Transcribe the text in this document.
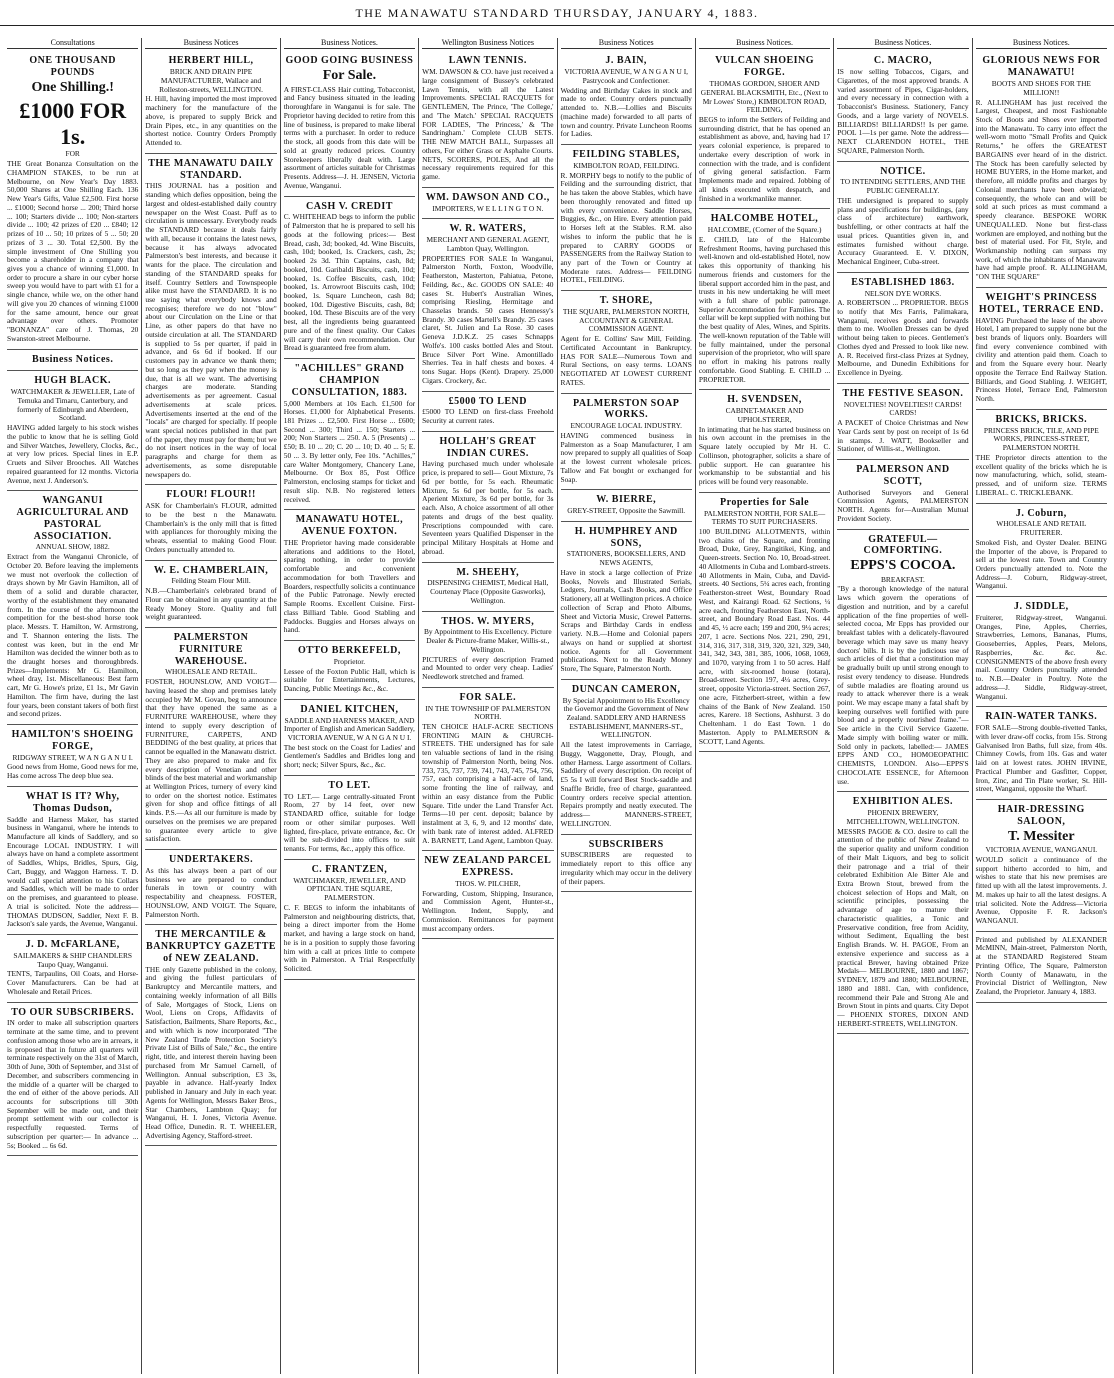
THE MANAWATU STANDARD THURSDAY, JANUARY 4, 1883.
Consultations
ONE THOUSAND POUNDS
One Shilling.!
£1000 FOR 1s.
FOR
THE Great Bonanza Consultation on the CHAMPION STAKES, to be run at Melbourne, on New Year's Day 1883. 50,000 Shares at One Shilling Each. 136 New Year's Gifts, Value £2,500. First horse ... £1000; Second horse ... 200; Third horse ... 100; Starters divide ... 100; Non-starters divide ... 100; 42 prizes of £20 ... £840; 12 prizes of 10 ... 50; 10 prizes of 5 ... 50; 20 prizes of 3 ... 30. Total £2,500. By the simple investment of One Shilling you become a shareholder in a company that gives you a chance of winning £1,000. In order to procure a share in our cyber horse sweep you would have to part with £1 for a single chance, while we, on the other hand will give you 20 chances of winning £1000 for the same amount, hence our great advantage over others. Promoter "BONANZA" care of J. Thomas, 20 Swanston-street Melbourne.
Business Notices.
HUGH BLACK.
WATCHMAKER & JEWELLER, Late of Temuka and Timaru, Canterbury, and formerly of Edinburgh and Aberdeen, Scotland.
HAVING added largely to his stock wishes the public to know that he is selling Gold and Silver Watches, Jewellery, Clocks, &c., at very low prices. Special lines in E.P. Cruets and Silver Brooches. All Watches repaired guaranteed for 12 months. Victoria Avenue, next J. Anderson's.
WANGANUI AGRICULTURAL AND PASTORAL ASSOCIATION.
ANNUAL SHOW, 1882.
Extract from the Wanganui Chronicle, of October 20. Before leaving the implements we must not overlook the collection of drays shown by Mr Gavin Hamilton, all of them of a solid and durable character, worthy of the establishment they emanated from. In the course of the afternoon the competition for the best-shod horse took place. Messrs. T. Hamilton, W. Armstrong, and T. Shannon entering the lists. The contest was keen, but in the end Mr Hamilton was decided the winner both as to the draught horses and thoroughbreds. Prizes—Implements: Mr G. Hamilton, wheel dray, 1st. Miscellaneous: Best farm cart, Mr G. Howe's prize, £1 1s., Mr Gavin Hamilton. The firm have, during the last four years, been constant takers of both first and second prizes.
HAMILTON'S SHOEING FORGE,
RIDGWAY STREET, W A N G A N U I.
Good news from Home, Good news for me, Has come across The deep blue sea.
WHAT IS IT? Why, Thomas Dudson,
Saddle and Harness Maker, has started business in Wanganui, where he intends to Manufacture all kinds of Saddlery, and so Encourage LOCAL INDUSTRY. I will always have on hand a complete assortment of Saddles, Whips, Bridles, Spurs, Gig, Cart, Buggy, and Waggon Harness. T. D. would call special attention to his Collars and Saddles, which will be made to order on the premises, and guaranteed to please. A trial is solicited. Note the address— THOMAS DUDSON, Saddler, Next F. B. Jackson's sale yards, the Avenue, Wanganui.
J. D. McFARLANE,
SAILMAKERS & SHIP CHANDLERS Taupo Quay, Wanganui.
TENTS, Tarpaulins, Oil Coats, and Horse-Cover Manufacturers. Can be had at Wholesale and Retail Prices.
TO OUR SUBSCRIBERS.
IN order to make all subscription quarters terminate at the same time, and to prevent confusion among those who are in arrears, it is proposed that in future all quarters will terminate respectively on the 31st of March, 30th of June, 30th of September, and 31st of December, and subscribers commencing in the middle of a quarter will be charged to the end of either of the above periods. All accounts for subscriptions till 30th September will be made out, and their prompt settlement with our collector is respectfully requested. Terms of subscription per quarter:— In advance ... 5s; Booked ... 6s 6d.
Business Notices
HERBERT HILL,
BRICK AND DRAIN PIPE MANUFACTURER, Wallace and Rolleston-streets, WELLINGTON.
H. Hill, having imported the most improved machinery for the manufacture of the above, is prepared to supply Brick and Drain Pipes, etc., in any quantities on the shortest notice. Country Orders Promptly Attended to.
THE MANAWATU DAILY STANDARD.
THIS JOURNAL has a position and standing which defies opposition, being the largest and oldest-established daily country newspaper on the West Coast. Puff as to circulation is unnecessary. Everybody reads the STANDARD because it deals fairly with all, because it contains the latest news, because it has always advocated Palmerston's best interests, and because it wants for the place. The circulation and standing of the STANDARD speaks for itself. Country Settlers and Townspeople alike must have the STANDARD. It is no use saying what everybody knows and recognises; therefore we do not "blow" about our Circulation on the Line or that Line, as other papers do that have no outside circulation at all. The STANDARD is supplied to 5s per quarter, if paid in advance, and 6s 6d if booked. If our customers pay in advance we thank them; but so long as they pay when the money is due, that is all we want. The advertising charges are moderate. Standing advertisements as per agreement. Casual advertisements at scale prices. Advertisements inserted at the end of the "locals" are charged for specially. If people want special notices published in that part of the paper, they must pay for them; but we do not insert notices in the way of local paragraphs and charge for them as advertisements, as some disreputable newspapers do.
FLOUR! FLOUR!!
ASK for Chamberlain's FLOUR, admitted to be the best n the Manawatu. Chamberlain's is the only mill that is fitted with appliances for thoroughly mixing the wheats, essential to making Good Flour. Orders punctually attended to.
W. E. CHAMBERLAIN,
Feilding Steam Flour Mill.
N.B.—Chamberlain's celebrated brand of Flour can be obtained in any quantity at the Ready Money Store. Quality and full weight guaranteed.
PALMERSTON FURNITURE WAREHOUSE.
WHOLESALE AND RETAIL.
FOSTER, HOUNSLOW, AND VOIGT—having leased the shop and premises lately occupied by Mr M. Govan, beg to announce that they have opened the same as a FURNITURE WAREHOUSE, where they intend to supply every description of FURNITURE, CARPETS, AND BEDDING of the best quality, at prices that cannot be equalled in the Manawatu district. They are also prepared to make and fix every description of Venetian and other blinds of the best material and workmanship at Wellington Prices, turnery of every kind to order on the shortest notice. Estimates given for shop and office fittings of all kinds. P.S.—As all our furniture is made by ourselves on the premises we are prepared to guarantee every article to give satisfaction.
UNDERTAKERS.
As this has always been a part of our business we are prepared to conduct funerals in town or country with respectability and cheapness. FOSTER, HOUNSLOW, AND VOIGT. The Square, Palmerston North.
THE MERCANTILE & BANKRUPTCY GAZETTE of NEW ZEALAND.
THE only Gazette published in the colony, and giving the fullest particulars of Bankruptcy and Mercantile matters, and containing weekly information of all Bills of Sale, Mortgages of Stock, Liens on Wool, Liens on Crops, Affidavits of Satisfaction, Bailments, Share Reports, &c., and with which is now incorporated "The New Zealand Trade Protection Society's Private List of Bills of Sale," &c., the entire right, title, and interest therein having been purchased from Mr Samuel Carnell, of Wellington. Annual subscription, £3 3s, payable in advance. Half-yearly Index published in January and July in each year. Agents for Wellington, Messrs Baker Bros., Star Chambers, Lambton Quay; for Wanganui, H. I. Jones, Victoria Avenue. Head Office, Dunedin. R. T. WHEELER, Advertising Agency, Stafford-street.
Business Notices.
GOOD GOING BUSINESS
For Sale.
A FIRST-CLASS Hair cutting, Tobacconist, and Fancy business situated in the leading thoroughfare in Wanganui is for sale. The Proprietor having decided to retire from this line of business, is prepared to make liberal terms with a purchaser. In order to reduce the stock, all goods from this date will be sold at greatly reduced prices. Country Storekeepers liberally dealt with. Large assortment of articles suitable for Christmas Presents. Address—J. H. JENSEN, Victoria Avenue, Wanganui.
CASH V. CREDIT
C. WHITEHEAD begs to inform the public of Palmerston that he is prepared to sell his goods at the following prices:— Best Bread, cash, 3d; booked, 4d. Wine Biscuits, cash, 10d; booked, 1s. Crackers, cash, 2s; booked 2s 3d. Thin Captains, cash, 8d; booked, 10d. Garibaldi Biscuits, cash, 10d; booked, 1s. Coffee Biscuits, cash, 10d; booked, 1s. Arrowroot Biscuits cash, 10d; booked, 1s. Square Luncheon, cash 8d; booked, 10d. Digestive Biscuits, cash, 8d; booked, 10d. These Biscuits are of the very best, all the ingredients being guaranteed pure and of the finest quality. Our Cakes will carry their own recommendation. Our Bread is guaranteed free from alum.
"ACHILLES" GRAND CHAMPION CONSULTATION, 1883.
5,000 Members at 10s Each. £1,500 for Horses. £1,000 for Alphabetical Presents. 181 Prizes ... £2,500. First Horse ... £600; Second ... 300; Third ... 150; Starters ... 200; Non Starters ... 250. A. 5 (Presents) ... £50; B. 10 ... 20; C. 20 ... 10; D. 40 ... 5; E. 50 ... 3. By letter only, Fee 10s. "Achilles," care Walter Montgomery, Chancery Lane, Melbourne. Or Box 85, Post Office Palmerston, enclosing stamps for ticket and result slip. N.B. No registered letters received.
MANAWATU HOTEL, AVENUE FOXTON.
THE Proprietor having made considerable alterations and additions to the Hotel, sparing nothing, in order to provide comfortable and convenient accommodation for both Travellers and Boarders, respectfully solicits a continuance of the Public Patronage. Newly erected Sample Rooms. Excellent Cuisine. First-class Billiard Table. Good Stabling and Paddocks. Buggies and Horses always on hand.
OTTO BERKEFELD,
Proprietor.
Lessee of the Foxton Public Hall, which is suitable for Entertainments, Lectures, Dancing, Public Meetings &c., &c.
DANIEL KITCHEN,
SADDLE AND HARNESS MAKER, AND Importer of English and American Saddlery, VICTORIA AVENUE, W A N G A N U I.
The best stock on the Coast for Ladies' and Gentlemen's Saddles and Bridles long and short; neck; Silver Spurs, &c., &c.
TO LET.
TO LET.— Large centrally-situated Front Room, 27 by 14 feet, over new STANDARD office, suitable for lodge room or other similar purposes. Well lighted, fire-place, private entrance, &c. Or will be sub-divided into offices to suit tenants. For terms, &c., apply this office.
C. FRANTZEN,
WATCHMAKER, JEWELLER, AND OPTICIAN. THE SQUARE, PALMERSTON.
C. F. BEGS to inform the inhabitants of Palmerston and neighbouring districts, that, being a direct importer from the Home market, and having a large stock on hand, he is in a position to supply those favoring him with a call at prices little to compete with in Palmerston. A Trial Respectfully Solicited.
Wellington Business Notices
LAWN TENNIS.
WM. DAWSON & CO. have just received a large consignment of Bussey's celebrated Lawn Tennis, with all the Latest Improvements. SPECIAL RACQUETS for GENTLEMEN, The Prince, 'The College,' and 'The Match.' SPECIAL RACQUETS FOR LADIES, 'The Princess,' & 'The Sandringham.' Complete CLUB SETS. THE NEW MATCH BALL, Surpasses all others, For either Grass or Asphalte Courts. NETS, SCORERS, POLES, And all the necessary requirements required for this game.
WM. DAWSON AND CO.,
IMPORTERS, W E L L I N G T O N.
W. R. WATERS,
MERCHANT AND GENERAL AGENT, Lambton Quay, Wellington.
PROPERTIES FOR SALE In Wanganui, Palmerston North, Foxton, Woodville, Featherston, Masterton, Pahiatua, Petone, Feilding, &c., &c. GOODS ON SALE: 40 cases St. Hubert's Australian Wines, comprising Riesling, Hermitage and Chasselas brands. 50 cases Hennessy's Brandy. 30 cases Martell's Brandy. 25 cases claret, St. Julien and La Rose. 30 cases Geneva J.D.K.Z. 25 cases Schnapps Wolfe's. 100 casks bottled Ales and Stout. Bruce Silver Port Wine. Amontillado Sherries. Tea in half chests and boxes. 4 tons Sugar. Hops (Kent). Drapery. 25,000 Cigars. Crockery, &c.
£5000 TO LEND
£5000 TO LEND on first-class Freehold Security at current rates.
HOLLAH'S GREAT INDIAN CURES.
Having purchased much under wholesale price, is prepared to sell— Gout Mixture, 7s 6d per bottle, for 5s each. Rheumatic Mixture, 5s 6d per bottle, for 5s each. Aperient Mixture, 3s 6d per bottle, for 3s each. Also, A choice assortment of all other patents and drugs of the best quality. Prescriptions compounded with care. Seventeen years Qualified Dispenser in the principal Military Hospitals at Home and abroad.
M. SHEEHY,
DISPENSING CHEMIST, Medical Hall, Courtenay Place (Opposite Gasworks), Wellington.
THOS. W. MYERS,
By Appointment to His Excellency. Picture Dealer & Picture-frame Maker, Willis-st., Wellington.
PICTURES of every description Framed and Mounted to order very cheap. Ladies' Needlework stretched and framed.
FOR SALE.
IN THE TOWNSHIP OF PALMERSTON NORTH.
TEN CHOICE HALF-ACRE SECTIONS FRONTING MAIN & CHURCH-STREETS. THE undersigned has for sale ten valuable sections of land in the rising township of Palmerston North, being Nos. 733, 735, 737, 739, 741, 743, 745, 754, 756, 757, each comprising a half-acre of land, some fronting the line of railway, and within an easy distance from the Public Square. Title under the Land Transfer Act. Terms—10 per cent. deposit; balance by instalment at 3, 6, 9, and 12 months' date, with bank rate of interest added. ALFRED A. BARNETT, Land Agent, Lambton Quay.
NEW ZEALAND PARCEL EXPRESS.
THOS. W. PILCHER,
Forwarding, Custom, Shipping, Insurance, and Commission Agent, Hunter-st., Wellington. Indent, Supply, and Commission. Remittances for payment must accompany orders.
Business Notices
J. BAIN,
VICTORIA AVENUE, W A N G A N U I, Pastrycook and Confectioner.
Wedding and Birthday Cakes in stock and made to order. Country orders punctually attended to. N.B.—Lollies and Biscuits (machine made) forwarded to all parts of town and country. Private Luncheon Rooms for Ladies.
FEILDING STABLES,
KIMBOLTON ROAD, FEILDING.
R. MORPHY begs to notify to the public of Feilding and the surrounding district, that he has taken the above Stables, which have been thoroughly renovated and fitted up with every convenience. Saddle Horses, Buggies, &c., on Hire. Every attention paid to Horses left at the Stables. R.M. also wishes to inform the public that he is prepared to CARRY GOODS or PASSENGERS from the Railway Station to any part of the Town or Country at Moderate rates. Address— FEILDING HOTEL, FEILDING.
T. SHORE,
THE SQUARE, PALMERSTON NORTH, ACCOUNTANT & GENERAL COMMISSION AGENT.
Agent for E. Collins' Saw Mill, Feilding. Certificated Accountant in Bankruptcy. HAS FOR SALE—Numerous Town and Rural Sections, on easy terms. LOANS NEGOTIATED AT LOWEST CURRENT RATES.
PALMERSTON SOAP WORKS.
ENCOURAGE LOCAL INDUSTRY.
HAVING commenced business in Palmerston as a Soap Manufacturer, I am now prepared to supply all qualities of Soap at the lowest current wholesale prices. Tallow and Fat bought or exchanged for Soap.
W. BIERRE,
GREY-STREET, Opposite the Sawmill.
H. HUMPHREY AND SONS,
STATIONERS, BOOKSELLERS, AND NEWS AGENTS,
Have in stock a large collection of Prize Books, Novels and Illustrated Serials, Ledgers, Journals, Cash Books, and Office Stationery, all at Wellington prices. A choice collection of Scrap and Photo Albums, Sheet and Victoria Music, Crewel Patterns. Scraps and Birthday Cards in endless variety. N.B.—Home and Colonial papers always on hand or supplied at shortest notice. Agents for all Government publications. Next to the Ready Money Store, The Square, Palmerston North.
DUNCAN CAMERON,
By Special Appointment to His Excellency the Governor and the Government of New Zealand. SADDLERY AND HARNESS ESTABLISHMENT, MANNERS-ST., WELLINGTON.
All the latest improvements in Carriage, Buggy, Waggonette, Dray, Plough, and other Harness. Large assortment of Collars. Saddlery of every description. On receipt of £5 5s I will forward Best Stock-saddle and Snaffle Bridle, free of charge, guaranteed. Country orders receive special attention. Repairs promptly and neatly executed. The address— MANNERS-STREET, WELLINGTON.
SUBSCRIBERS
SUBSCRIBERS are requested to immediately report to this office any irregularity which may occur in the delivery of their papers.
Business Notices.
VULCAN SHOEING FORGE.
THOMAS GORDON, SHOER AND GENERAL BLACKSMITH, Etc., (Next to Mr Lowes' Store,) KIMBOLTON ROAD, FEILDING,
BEGS to inform the Settlers of Feilding and surrounding district, that he has opened an establishment as above, and, having had 17 years colonial experience, is prepared to undertake every description of work in connection with the trade, and is confident of giving general satisfaction. Farm Implements made and repaired. Jobbing of all kinds executed with despatch, and finished in a workmanlike manner.
HALCOMBE HOTEL,
HALCOMBE, (Corner of the Square.)
E. CHILD, late of the Halcombe Refreshment Rooms, having purchased this well-known and old-established Hotel, now takes this opportunity of thanking his numerous friends and customers for the liberal support accorded him in the past, and trusts in his new undertaking he will meet with a full share of public patronage. Superior Accommodation for Families. The cellar will be kept supplied with nothing but the best quality of Ales, Wines, and Spirits. The well-known reputation of the Table will be fully maintained, under the personal supervision of the proprietor, who will spare no effort in making his patrons really comfortable. Good Stabling. E. CHILD ... PROPRIETOR.
H. SVENDSEN,
CABINET-MAKER AND UPHOLSTERER,
In intimating that he has started business on his own account in the premises in the Square lately occupied by Mr H. C. Collinson, photographer, solicits a share of public support. He can guarantee his workmanship to be substantial and his prices will be found very reasonable.
Properties for Sale
PALMERSTON NORTH, FOR SALE—TERMS TO SUIT PURCHASERS.
100 BUILDING ALLOTMENTS, within two chains of the Square, and fronting Broad, Duke, Grey, Rangitikei, King, and Queen-streets. Section No. 10, Broad-street. 40 Allotments in Cuba and Lombard-streets. 40 Allotments in Main, Cuba, and David-streets. 40 Sections, 5¼ acres each, fronting Featherston-street West, Boundary Road West, and Kairangi Road. 62 Sections, ¼ acre each, fronting Featherston East, North-street, and Boundary Road East. Nos. 44 and 45, ½ acre each; 199 and 200, 9¼ acres; 207, 1 acre. Sections Nos. 221, 290, 291, 314, 316, 317, 318, 319, 320, 321, 329, 340, 341, 342, 343, 381, 385, 1006, 1068, 1069, and 1070, varying from 1 to 50 acres. Half acre, with six-roomed house (totara), Broad-street. Section 197, 4¼ acres, Grey-street, opposite Victoria-street. Section 267, one acre, Fitzherbert-street, within a few chains of the Bank of New Zealand. 150 acres, Karere. 18 Sections, Ashhurst. 3 do Cheltenham. 1 do East Town. 1 do Masterton. Apply to PALMERSON & SCOTT, Land Agents.
Business Notices.
C. MACRO,
IS now selling Tobaccos, Cigars, and Cigarettes, of the most approved brands. A varied assortment of Pipes, Cigar-holders, and every necessary in connection with a Tobacconist's Business. Stationery, Fancy Goods, and a large variety of NOVELS. BILLIARDS! BILLIARDS!! Is per game. POOL 1—1s per game. Note the address— NEXT CLARENDON HOTEL, THE SQUARE, Palmerston North.
NOTICE.
TO INTENDING SETTLERS, AND THE PUBLIC GENERALLY.
THE undersigned is prepared to supply plans and specifications for buildings, (any class of architecture) earthwork, bushfelling, or other contracts at half the usual prices. Quantities given in, and estimates furnished without charge. Accuracy Guaranteed. E. V. DIXON, Mechanical Engineer, Cuba-street.
ESTABLISHED 1863.
NELSON DYE WORKS.
A. ROBERTSON ... PROPRIETOR. BEGS to notify that Mrs Farris, Palimakara, Wanganui, receives goods and forwards them to me. Woollen Dresses can be dyed without being taken to pieces. Gentlemen's Clothes dyed and Pressed to look like new. A. R. Received first-class Prizes at Sydney, Melbourne, and Dunedin Exhibitions for Excellence in Dyeing.
THE FESTIVE SEASON.
NOVELTIES! NOVELTIES!! CARDS! CARDS!
A PACKET of Choice Christmas and New Year Cards sent by post on receipt of 1s 6d in stamps. J. WATT, Bookseller and Stationer, of Willis-st., Wellington.
PALMERSON AND SCOTT,
Authorised Surveyors and General Commission Agents, PALMERSTON NORTH. Agents for—Australian Mutual Provident Society.
GRATEFUL—COMFORTING.
EPPS'S COCOA.
BREAKFAST.
"By a thorough knowledge of the natural laws which govern the operations of digestion and nutrition, and by a careful application of the fine properties of well-selected cocoa, Mr Epps has provided our breakfast tables with a delicately-flavoured beverage which may save us many heavy doctors' bills. It is by the judicious use of such articles of diet that a constitution may be gradually built up until strong enough to resist every tendency to disease. Hundreds of subtle maladies are floating around us ready to attack wherever there is a weak point. We may escape many a fatal shaft by keeping ourselves well fortified with pure blood and a properly nourished frame."—See article in the Civil Service Gazette. Made simply with boiling water or milk. Sold only in packets, labelled:— JAMES EPPS AND CO., HOMOEOPATHIC CHEMISTS, LONDON. Also—EPPS'S CHOCOLATE ESSENCE, for Afternoon use.
EXHIBITION ALES.
PHOENIX BREWERY, MITCHELLTOWN, WELLINGTON.
MESSRS PAGOE & CO. desire to call the attention of the public of New Zealand to the superior quality and uniform condition of their Malt Liquors, and beg to solicit their patronage and a trial of their celebrated Exhibition Ale Bitter Ale and Extra Brown Stout, brewed from the choicest selection of Hops and Malt, on scientific principles, possessing the advantage of age to mature their characteristic qualities, a Tonic and Preservative condition, free from Acidity, without Sediment, Equalling the best English Brands. W. H. PAGOE, From an extensive experience and success as a practical Brewer, having obtained Prize Medals— MELBOURNE, 1880 and 1867; SYDNEY, 1879 and 1880; MELBOURNE, 1880 and 1881. Can, with confidence, recommend their Pale and Strong Ale and Brown Stout in pints and quarts. City Depot— PHOENIX STORES, DIXON AND HERBERT-STREETS, WELLINGTON.
Business Notices.
GLORIOUS NEWS FOR MANAWATU!
BOOTS AND SHOES FOR THE MILLION!!
R. ALLINGHAM has just received the Largest, Cheapest, and most Fashionable Stock of Boots and Shoes ever imported into the Manawatu. To carry into effect the well-worn motto "Small Profits and Quick Returns," he offers the GREATEST BARGAINS ever heard of in the district. The Stock has been carefully selected by HOME BUYERS, in the Home market, and therefore, all middle profits and charges by Colonial merchants have been obviated; consequently, the whole can and will be sold at such prices as must command a speedy clearance. BESPOKE WORK UNEQUALLED. None but first-class workmen are employed, and nothing but the best of material used. For Fit, Style, and Workmanship nothing can surpass my work, of which the inhabitants of Manawatu have had ample proof. R. ALLINGHAM, "ON THE SQUARE"
WEIGHT'S PRINCESS HOTEL, TERRACE END.
HAVING Purchased the lease of the above Hotel, I am prepared to supply none but the best brands of liquors only. Boarders will find every convenience combined with civility and attention paid them. Coach to and from the Square every hour. Nearly opposite the Terrace End Railway Station. Billiards, and Good Stabling. J. WEIGHT, Princess Hotel, Terrace End, Palmerston North.
BRICKS, BRICKS.
PRINCESS BRICK, TILE, AND PIPE WORKS, PRINCESS-STREET, PALMERSTON NORTH.
THE Proprietor directs attention to the excellent quality of the bricks which he is now manufacturing, which, solid, steam-pressed, and of uniform size. TERMS LIBERAL. C. TRICKLEBANK.
J. Coburn,
WHOLESALE AND RETAIL FRUITERER.
Smoked Fish, and Oyster Dealer. BEING the Importer of the above, is Prepared to sell at the lowest rate. Town and Country Orders punctually attended to. Note the Address—J. Coburn, Ridgway-street, Wanganui.
J. SIDDLE,
Fruiterer, Ridgway-street, Wanganui. Oranges, Pine, Apples, Cherries, Strawberries, Lemons, Bananas, Plums, Gooseberries, Apples, Pears, Melons, Raspberries, &c. &c. &c. CONSIGNMENTS of the above fresh every mail. Country Orders punctually attended to. N.B.—Dealer in Poultry. Note the address—J. Siddle, Ridgway-street, Wanganui.
RAIN-WATER TANKS.
FOR SALE—Strong double-rivetted Tanks, with lever draw-off cocks, from 15s. Strong Galvanised Iron Baths, full size, from 40s. Chimney Cowls, from 10s. Gas and water laid on at lowest rates. JOHN IRVINE, Practical Plumber and Gasfitter, Copper, Iron, Zinc, and Tin Plate worker, St. Hill-street, Wanganui, opposite the Wharf.
HAIR-DRESSING SALOON,
T. Messiter
VICTORIA AVENUE, WANGANUI.
WOULD solicit a continuance of the support hitherto accorded to him, and wishes to state that his new premises are fitted up with all the latest improvements. J. M. makes up hair to all the latest designs. A trial solicited. Note the Address—Victoria Avenue, Opposite F. R. Jackson's WANGANUI.
Printed and published by ALEXANDER McMINN, Main-street, Palmerston North, at the STANDARD Registered Steam Printing Office, The Square, Palmerston North County of Manawatu, in the Provincial District of Wellington, New Zealand, the Proprietor. January 4, 1883.
